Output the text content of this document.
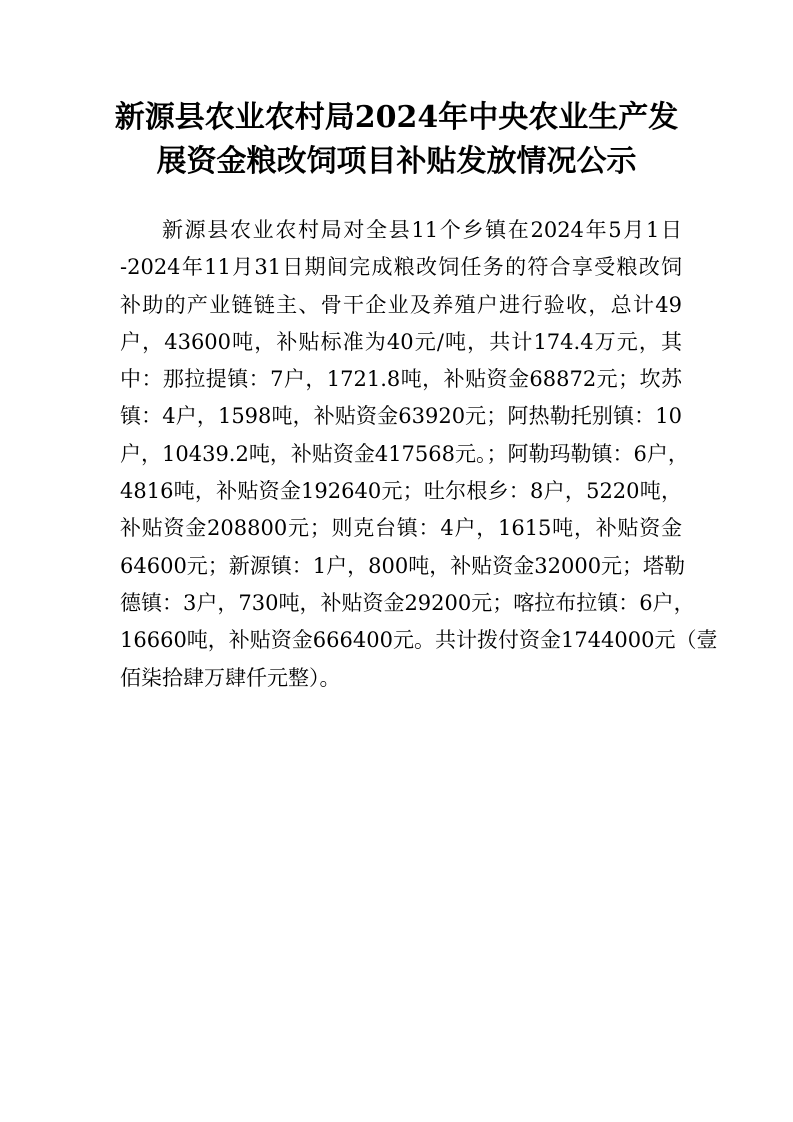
新源县农业农村局2024年中央农业生产发
展资金粮改饲项目补贴发放情况公示

新源县农业农村局对全县11个乡镇在2024年5月1日
-2024年11月31日期间完成粮改饲任务的符合享受粮改饲
补助的产业链链主、骨干企业及养殖户进行验收，总计49
户，43600吨，补贴标准为40元/吨，共计174.4万元，其
中：那拉提镇：7户，1721.8吨，补贴资金68872元；坎苏
镇：4户，1598吨，补贴资金63920元；阿热勒托别镇：10
户，10439.2吨，补贴资金417568元。；阿勒玛勒镇：6户，
4816吨，补贴资金192640元；吐尔根乡：8户，5220吨，
补贴资金208800元；则克台镇：4户，1615吨，补贴资金
64600元；新源镇：1户，800吨，补贴资金32000元；塔勒
德镇：3户，730吨，补贴资金29200元；喀拉布拉镇：6户，
16660吨，补贴资金666400元。共计拨付资金1744000元（壹
佰柒拾肆万肆仟元整）。
